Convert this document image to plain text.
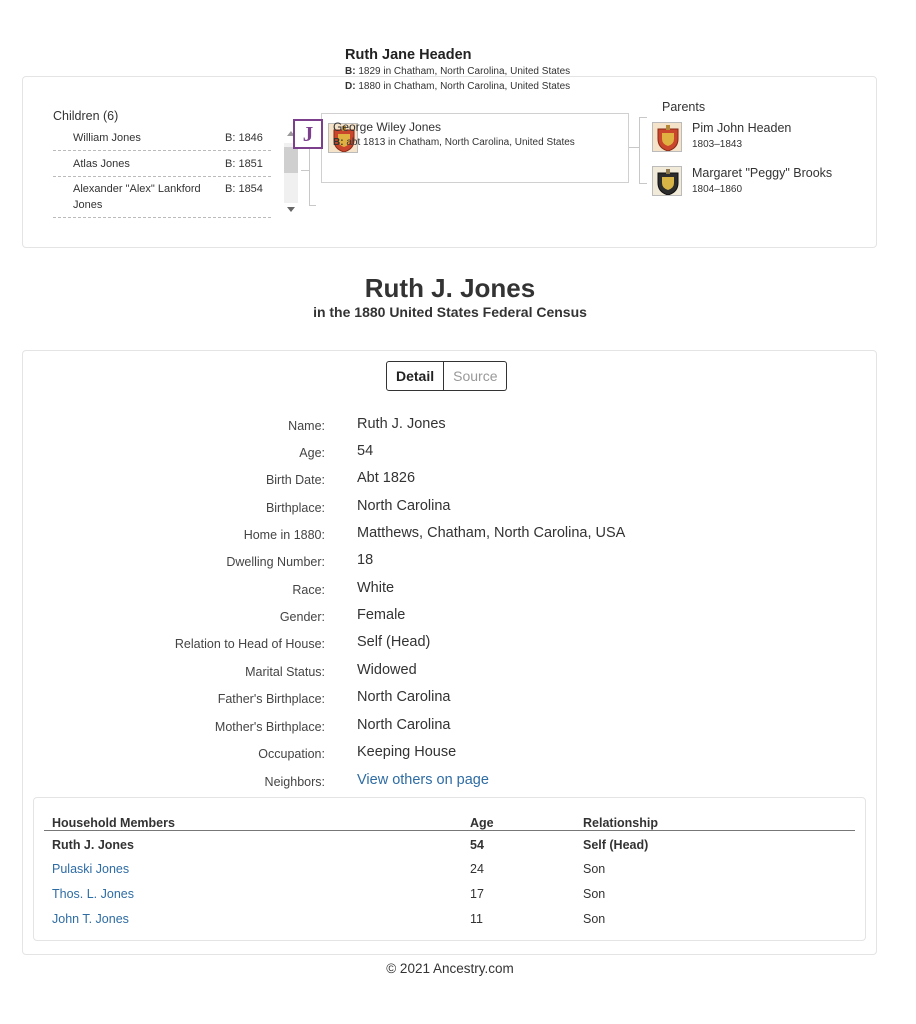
Children (6)
William Jones	B: 1846
Atlas Jones	B: 1851
Alexander "Alex" Lankford Jones
B: 1854
Ruth Jane Headen
B: 1829 in Chatham, North Carolina, United States
D: 1880 in Chatham, North Carolina, United States
J	George Wiley Jones
B: abt 1813 in Chatham, North Carolina, United States
Parents
Pim John Headen
1803–1843
Margaret "Peggy" Brooks
1804–1860
Ruth J. Jones
in the 1880 United States Federal Census
Detail	Source
Name: Ruth J. Jones
Age: 54
Birth Date: Abt 1826
Birthplace: North Carolina
Home in 1880: Matthews, Chatham, North Carolina, USA
Dwelling Number: 18
Race: White
Gender: Female
Relation to Head of House: Self (Head)
Marital Status: Widowed
Father's Birthplace: North Carolina
Mother's Birthplace: North Carolina
Occupation: Keeping House
Neighbors: View others on page
Household Members	Age	Relationship
Ruth J. Jones	54	Self (Head)
Pulaski Jones	24	Son
Thos. L. Jones	17	Son
John T. Jones	11	Son
© 2021 Ancestry.com
